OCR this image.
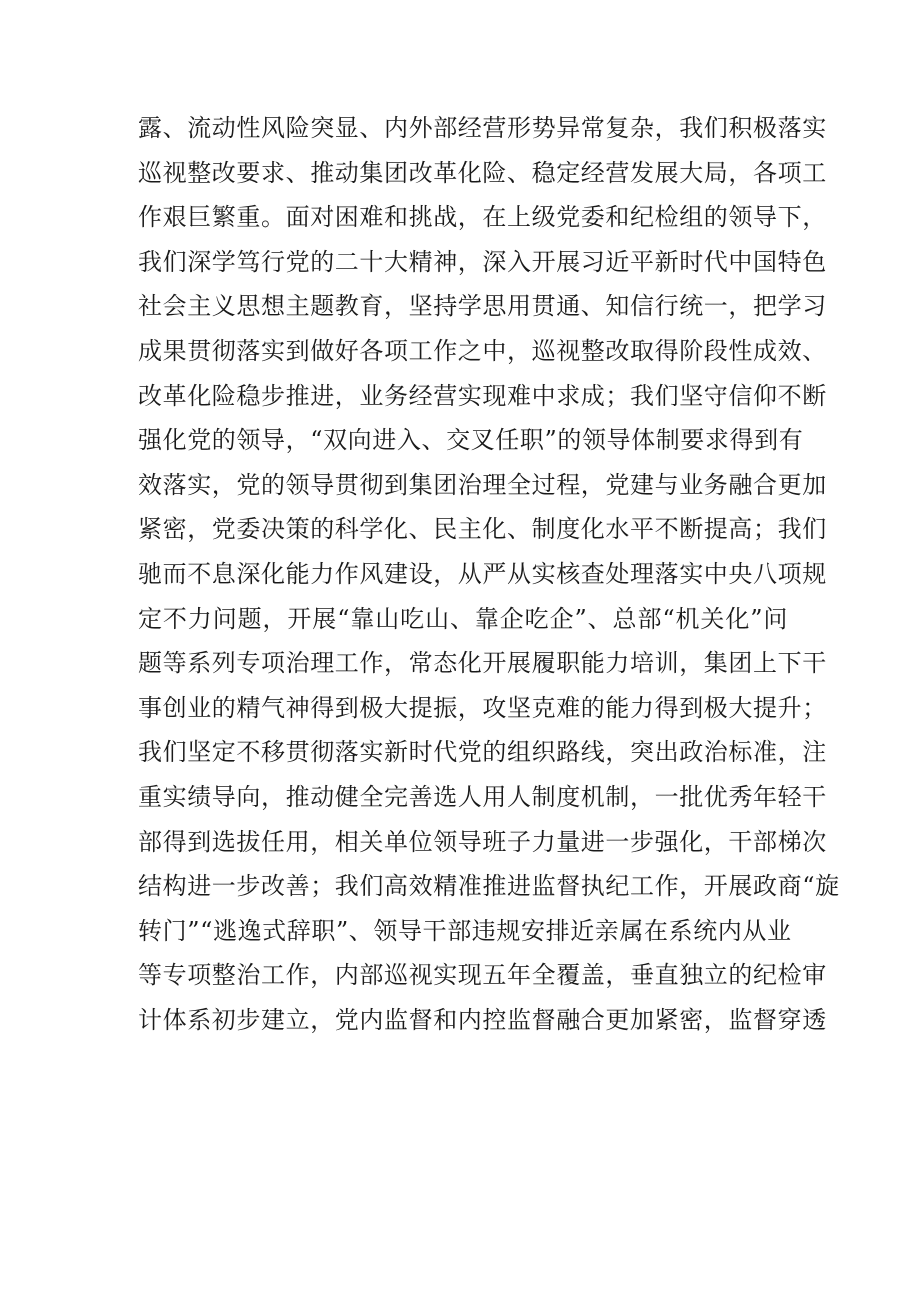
露、流动性风险突显、内外部经营形势异常复杂，我们积极落实
巡视整改要求、推动集团改革化险、稳定经营发展大局，各项工
作艰巨繁重。面对困难和挑战，在上级党委和纪检组的领导下，
我们深学笃行党的二十大精神，深入开展习近平新时代中国特色
社会主义思想主题教育，坚持学思用贯通、知信行统一，把学习
成果贯彻落实到做好各项工作之中，巡视整改取得阶段性成效、
改革化险稳步推进，业务经营实现难中求成；我们坚守信仰不断
强化党的领导，“双向进入、交叉任职”的领导体制要求得到有
效落实，党的领导贯彻到集团治理全过程，党建与业务融合更加
紧密，党委决策的科学化、民主化、制度化水平不断提高；我们
驰而不息深化能力作风建设，从严从实核查处理落实中央八项规
定不力问题，开展“靠山吃山、靠企吃企”、总部“机关化”问
题等系列专项治理工作，常态化开展履职能力培训，集团上下干
事创业的精气神得到极大提振，攻坚克难的能力得到极大提升；
我们坚定不移贯彻落实新时代党的组织路线，突出政治标准，注
重实绩导向，推动健全完善选人用人制度机制，一批优秀年轻干
部得到选拔任用，相关单位领导班子力量进一步强化，干部梯次
结构进一步改善；我们高效精准推进监督执纪工作，开展政商“旋
转门”“逃逸式辞职”、领导干部违规安排近亲属在系统内从业
等专项整治工作，内部巡视实现五年全覆盖，垂直独立的纪检审
计体系初步建立，党内监督和内控监督融合更加紧密，监督穿透
